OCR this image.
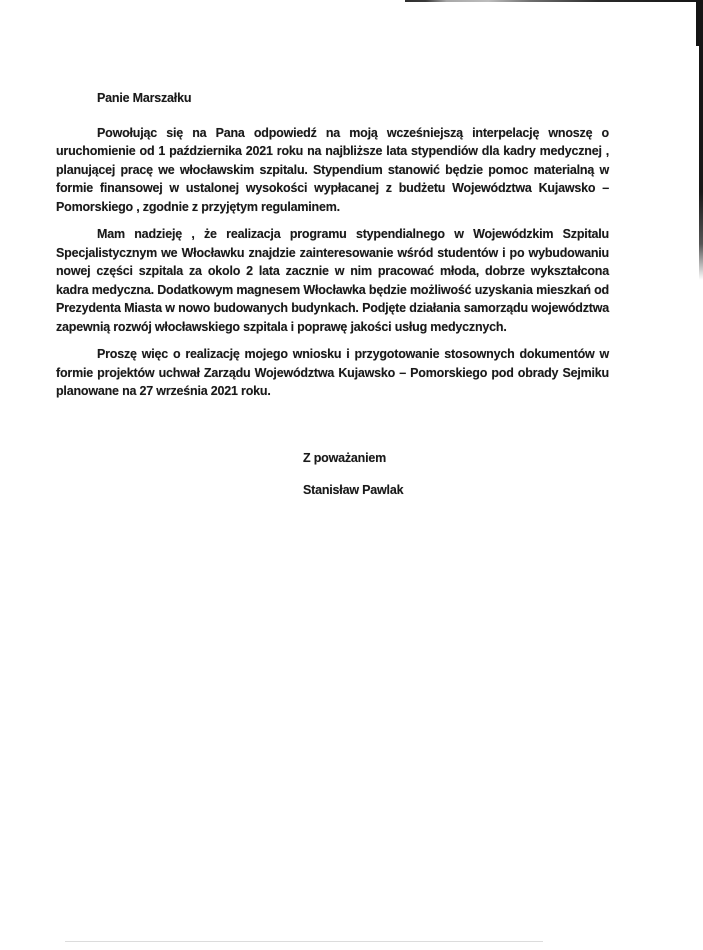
Panie Marszałku

Powołując się na Pana odpowiedź na moją wcześniejszą interpelację wnoszę o uruchomienie od 1 października 2021 roku na najbliższe lata stypendiów dla kadry medycznej , planującej pracę we włocławskim szpitalu. Stypendium stanowić będzie pomoc materialną w formie finansowej w ustalonej wysokości wypłacanej z budżetu Województwa Kujawsko – Pomorskiego , zgodnie z przyjętym regulaminem.

Mam nadzieję , że realizacja programu stypendialnego w Wojewódzkim Szpitalu Specjalistycznym we Włocławku znajdzie zainteresowanie wśród studentów i po wybudowaniu nowej części szpitala za okolo 2 lata zacznie w nim pracować młoda, dobrze wykształcona kadra medyczna. Dodatkowym magnesem Włocławka będzie możliwość uzyskania mieszkań od Prezydenta Miasta w nowo budowanych budynkach. Podjęte działania samorządu województwa zapewnią rozwój włocławskiego szpitala i poprawę jakości usług medycznych.

Proszę więc o realizację mojego wniosku i przygotowanie stosownych dokumentów w formie projektów uchwał Zarządu Województwa Kujawsko – Pomorskiego pod obrady Sejmiku planowane na 27 września 2021 roku.

Z poważaniem

Stanisław Pawlak
